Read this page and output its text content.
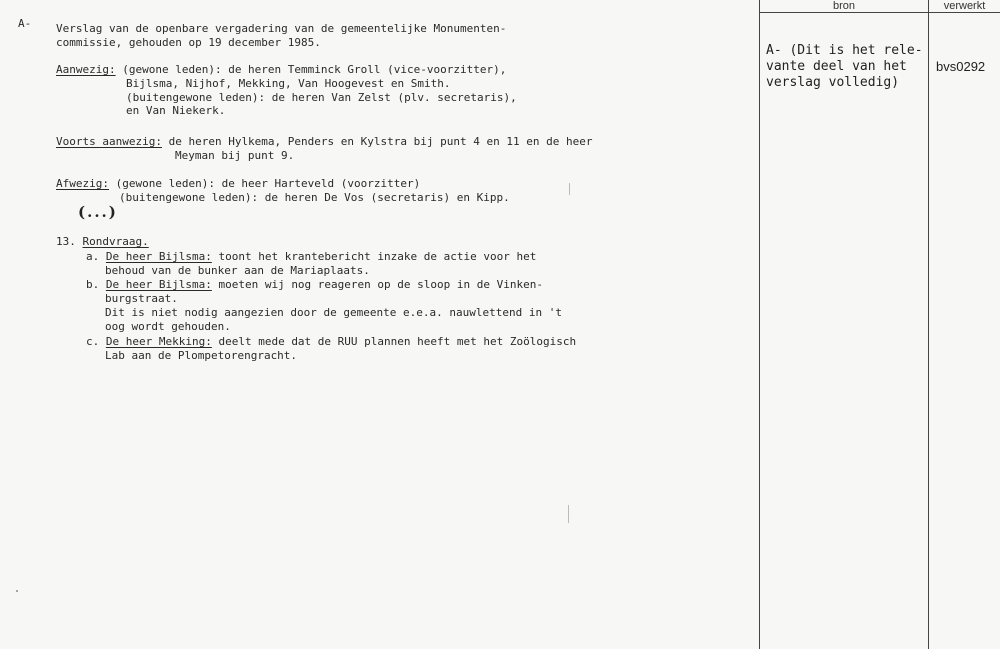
A- Verslag van de openbare vergadering van de gemeentelijke Monumenten-
commissie, gehouden op 19 december 1985.
Aanwezig: (gewone leden): de heren Temminck Groll (vice-voorzitter),
Bijlsma, Nijhof, Mekking, Van Hoogevest en Smith.
(buitengewone leden): de heren Van Zelst (plv. secretaris),
en Van Niekerk.
Voorts aanwezig: de heren Hylkema, Penders en Kylstra bij punt 4 en 11 en de heer
Meyman bij punt 9.
Afwezig: (gewone leden): de heer Harteveld (voorzitter)
(buitengewone leden): de heren De Vos (secretaris) en Kipp.
(...)
13. Rondvraag.
a. De heer Bijlsma: toont het krantebericht inzake de actie voor het
behoud van de bunker aan de Mariaplaats.
b. De heer Bijlsma: moeten wij nog reageren op de sloop in de Vinken-
burgstraat.
Dit is niet nodig aangezien door de gemeente e.e.a. nauwlettend in 't
oog wordt gehouden.
c. De heer Mekking: deelt mede dat de RUU plannen heeft met het Zoölogisch
Lab aan de Plompetorengracht.
bron	verwerkt

A- (Dit is het rele-
vante deel van het
verslag volledig)
bvs0292
